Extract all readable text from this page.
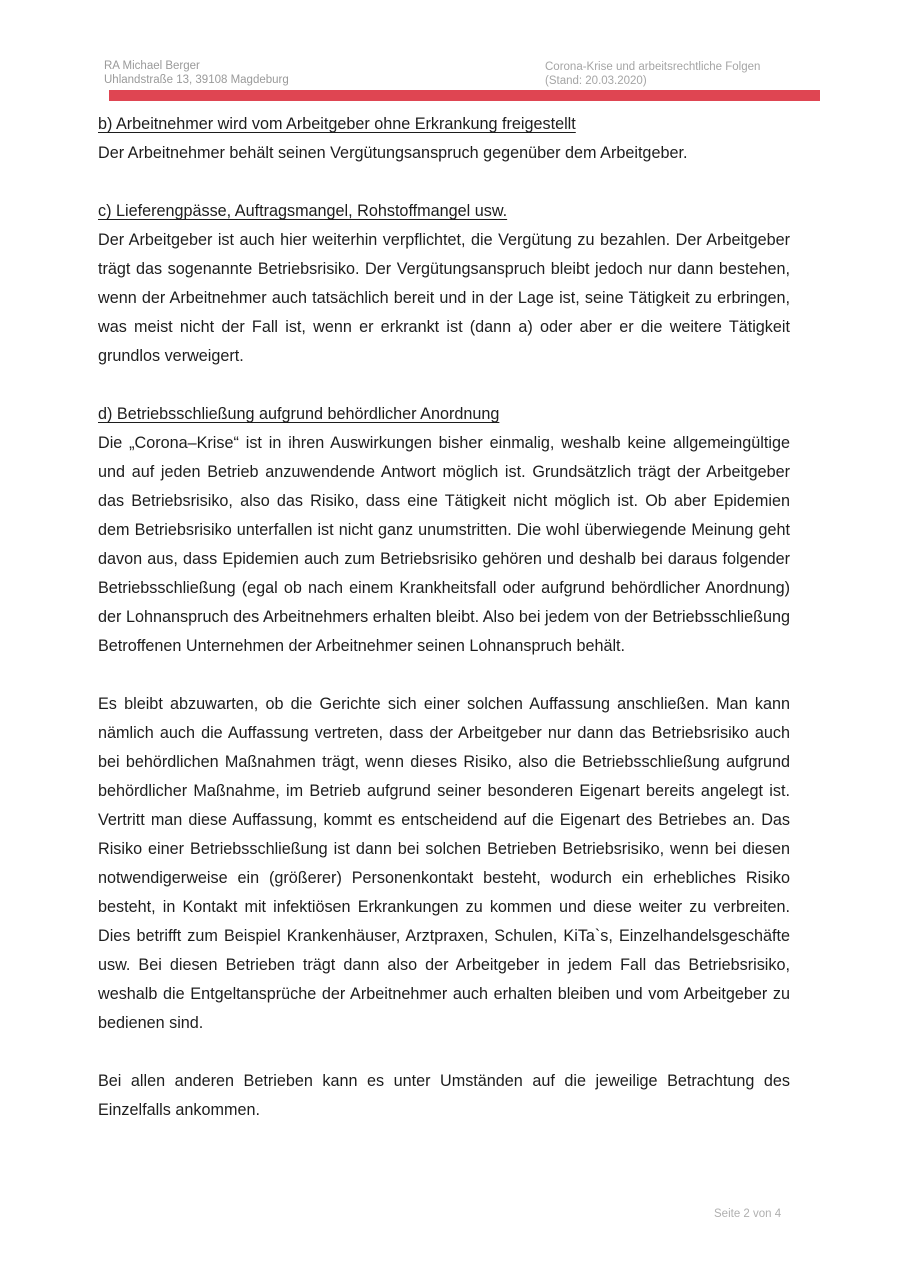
RA Michael Berger
Uhlandstraße 13, 39108 Magdeburg
Corona-Krise und arbeitsrechtliche Folgen
(Stand: 20.03.2020)

b) Arbeitnehmer wird vom Arbeitgeber ohne Erkrankung freigestellt

Der Arbeitnehmer behält seinen Vergütungsanspruch gegenüber dem Arbeitgeber.

c) Lieferengpässe, Auftragsmangel, Rohstoffmangel usw.

Der Arbeitgeber ist auch hier weiterhin verpflichtet, die Vergütung zu bezahlen. Der Arbeitgeber trägt das sogenannte Betriebsrisiko. Der Vergütungsanspruch bleibt jedoch nur dann bestehen, wenn der Arbeitnehmer auch tatsächlich bereit und in der Lage ist, seine Tätigkeit zu erbringen, was meist nicht der Fall ist, wenn er erkrankt ist (dann a) oder aber er die weitere Tätigkeit grundlos verweigert.

d) Betriebsschließung aufgrund behördlicher Anordnung

Die „Corona–Krise“ ist in ihren Auswirkungen bisher einmalig, weshalb keine allgemeingültige und auf jeden Betrieb anzuwendende Antwort möglich ist. Grundsätzlich trägt der Arbeitgeber das Betriebsrisiko, also das Risiko, dass eine Tätigkeit nicht möglich ist. Ob aber Epidemien dem Betriebsrisiko unterfallen ist nicht ganz unumstritten. Die wohl überwiegende Meinung geht davon aus, dass Epidemien auch zum Betriebsrisiko gehören und deshalb bei daraus folgender Betriebsschließung (egal ob nach einem Krankheitsfall oder aufgrund behördlicher Anordnung) der Lohnanspruch des Arbeitnehmers erhalten bleibt. Also bei jedem von der Betriebsschließung Betroffenen Unternehmen der Arbeitnehmer seinen Lohnanspruch behält.

Es bleibt abzuwarten, ob die Gerichte sich einer solchen Auffassung anschließen. Man kann nämlich auch die Auffassung vertreten, dass der Arbeitgeber nur dann das Betriebsrisiko auch bei behördlichen Maßnahmen trägt, wenn dieses Risiko, also die Betriebsschließung aufgrund behördlicher Maßnahme, im Betrieb aufgrund seiner besonderen Eigenart bereits angelegt ist. Vertritt man diese Auffassung, kommt es entscheidend auf die Eigenart des Betriebes an. Das Risiko einer Betriebsschließung ist dann bei solchen Betrieben Betriebsrisiko, wenn bei diesen notwendigerweise ein (größerer) Personenkontakt besteht, wodurch ein erhebliches Risiko besteht, in Kontakt mit infektiösen Erkrankungen zu kommen und diese weiter zu verbreiten. Dies betrifft zum Beispiel Krankenhäuser, Arztpraxen, Schulen, KiTa`s, Einzelhandelsgeschäfte usw. Bei diesen Betrieben trägt dann also der Arbeitgeber in jedem Fall das Betriebsrisiko, weshalb die Entgeltansprüche der Arbeitnehmer auch erhalten bleiben und vom Arbeitgeber zu bedienen sind.

Bei allen anderen Betrieben kann es unter Umständen auf die jeweilige Betrachtung des Einzelfalls ankommen.

Seite 2 von 4
